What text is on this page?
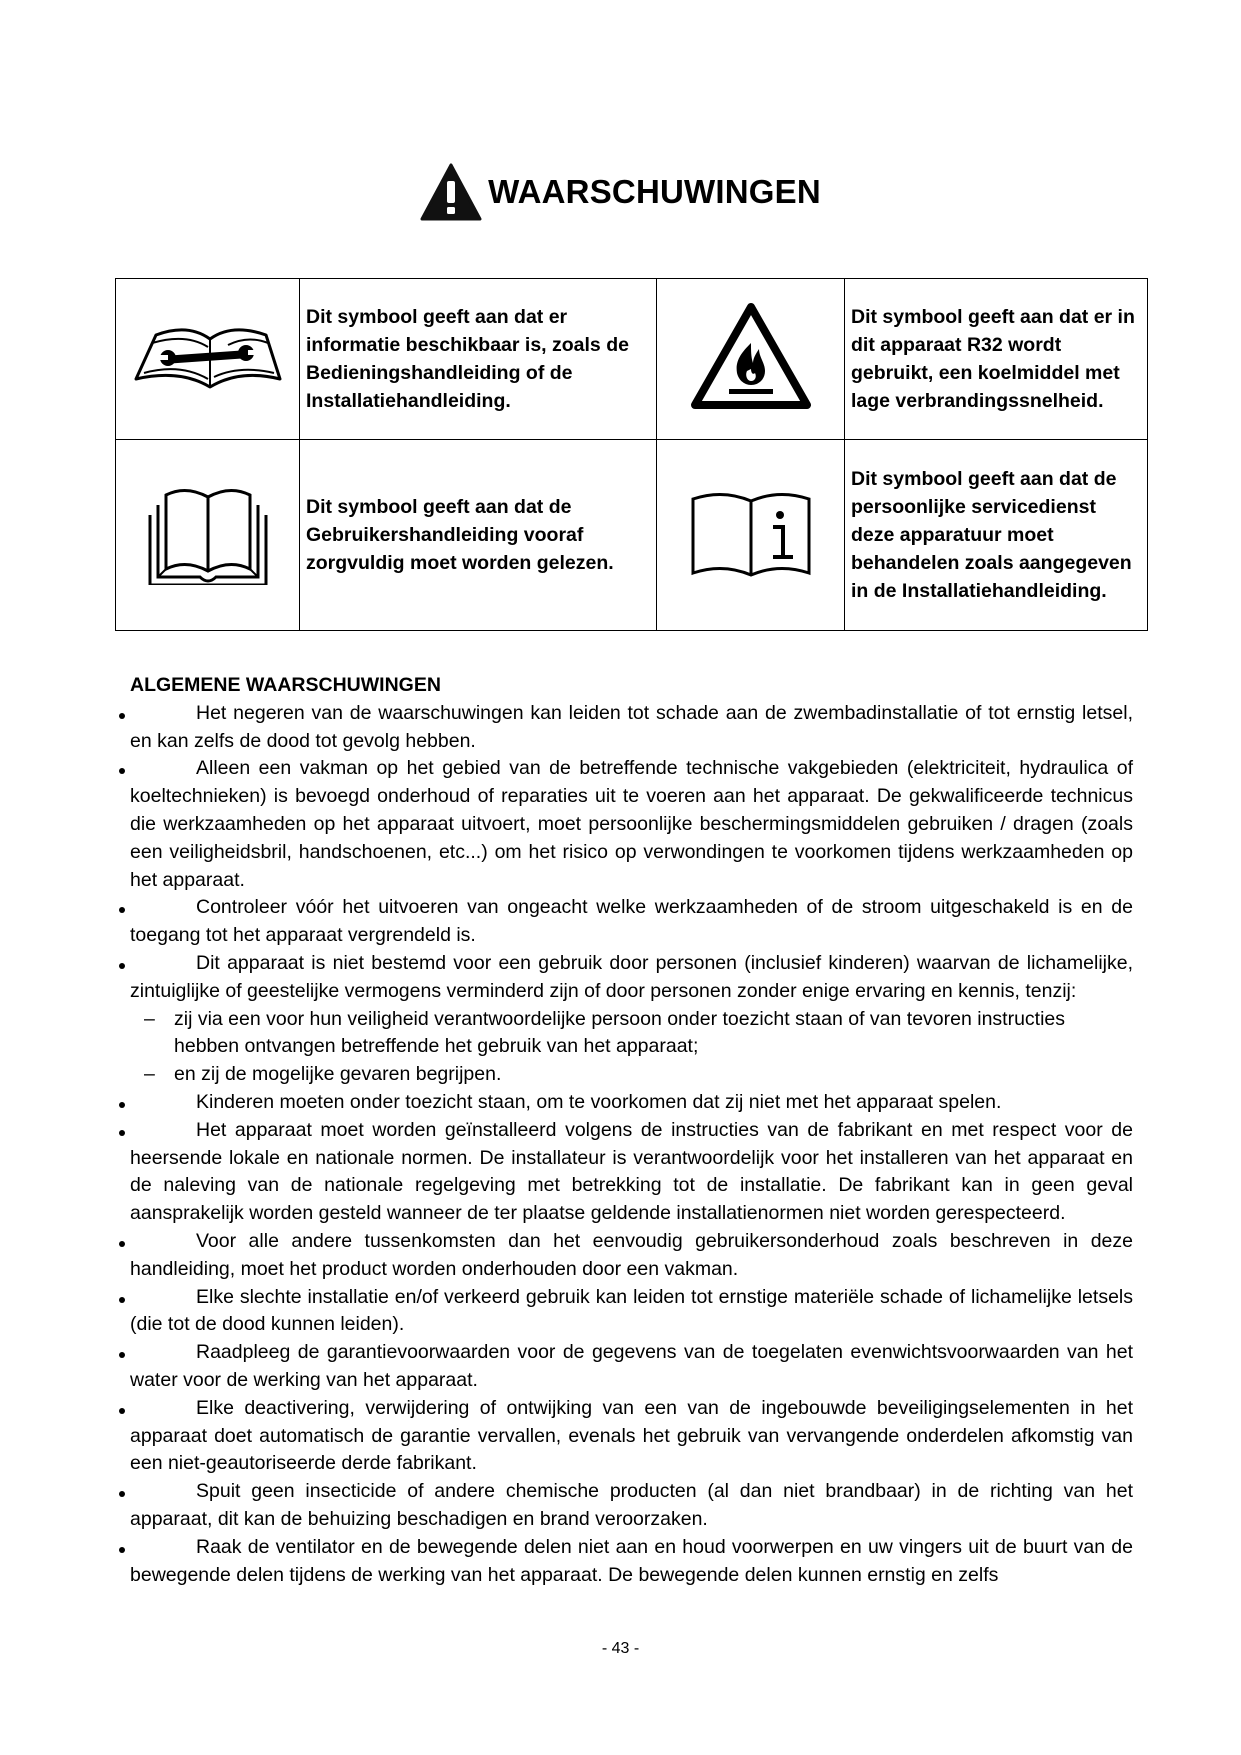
WAARSCHUWINGEN
	Dit symbool geeft aan dat er informatie beschikbaar is, zoals de Bedieningshandleiding of de Installatiehandleiding.		Dit symbool geeft aan dat er in dit apparaat R32 wordt gebruikt, een koelmiddel met lage verbrandingssnelheid.
	Dit symbool geeft aan dat de Gebruikershandleiding vooraf zorgvuldig moet worden gelezen.		Dit symbool geeft aan dat de persoonlijke servicedienst deze apparatuur moet behandelen zoals aangegeven in de Installatiehandleiding.
ALGEMENE WAARSCHUWINGEN

Het negeren van de waarschuwingen kan leiden tot schade aan de zwembadinstallatie of tot ernstig letsel, en kan zelfs de dood tot gevolg hebben.

Alleen een vakman op het gebied van de betreffende technische vakgebieden (elektriciteit, hydraulica of koeltechnieken) is bevoegd onderhoud of reparaties uit te voeren aan het apparaat. De gekwalificeerde technicus die werkzaamheden op het apparaat uitvoert, moet persoonlijke beschermingsmiddelen gebruiken / dragen (zoals een veiligheidsbril, handschoenen, etc...) om het risico op verwondingen te voorkomen tijdens werkzaamheden op het apparaat.

Controleer vóór het uitvoeren van ongeacht welke werkzaamheden of de stroom uitgeschakeld is en de toegang tot het apparaat vergrendeld is.

Dit apparaat is niet bestemd voor een gebruik door personen (inclusief kinderen) waarvan de lichamelijke, zintuiglijke of geestelijke vermogens verminderd zijn of door personen zonder enige ervaring en kennis, tenzij:

– zij via een voor hun veiligheid verantwoordelijke persoon onder toezicht staan of van tevoren instructies hebben ontvangen betreffende het gebruik van het apparaat;

– en zij de mogelijke gevaren begrijpen.

Kinderen moeten onder toezicht staan, om te voorkomen dat zij niet met het apparaat spelen.

Het apparaat moet worden geïnstalleerd volgens de instructies van de fabrikant en met respect voor de heersende lokale en nationale normen. De installateur is verantwoordelijk voor het installeren van het apparaat en de naleving van de nationale regelgeving met betrekking tot de installatie. De fabrikant kan in geen geval aansprakelijk worden gesteld wanneer de ter plaatse geldende installatienormen niet worden gerespecteerd.

Voor alle andere tussenkomsten dan het eenvoudig gebruikersonderhoud zoals beschreven in deze handleiding, moet het product worden onderhouden door een vakman.

Elke slechte installatie en/of verkeerd gebruik kan leiden tot ernstige materiële schade of lichamelijke letsels (die tot de dood kunnen leiden).

Raadpleeg de garantievoorwaarden voor de gegevens van de toegelaten evenwichtsvoorwaarden van het water voor de werking van het apparaat.

Elke deactivering, verwijdering of ontwijking van een van de ingebouwde beveiligingselementen in het apparaat doet automatisch de garantie vervallen, evenals het gebruik van vervangende onderdelen afkomstig van een niet-geautoriseerde derde fabrikant.

Spuit geen insecticide of andere chemische producten (al dan niet brandbaar) in de richting van het apparaat, dit kan de behuizing beschadigen en brand veroorzaken.

Raak de ventilator en de bewegende delen niet aan en houd voorwerpen en uw vingers uit de buurt van de bewegende delen tijdens de werking van het apparaat. De bewegende delen kunnen ernstig en zelfs

- 43 -
